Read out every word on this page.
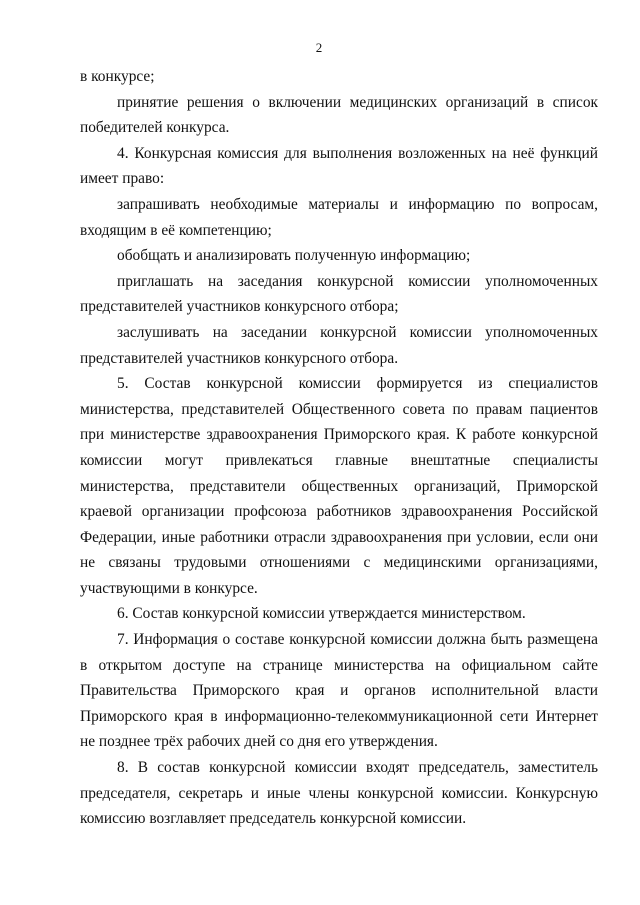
2

в конкурсе;

принятие решения о включении медицинских организаций в список победителей конкурса.

4. Конкурсная комиссия для выполнения возложенных на неё функций имеет право:

запрашивать необходимые материалы и информацию по вопросам, входящим в её компетенцию;

обобщать и анализировать полученную информацию;

приглашать на заседания конкурсной комиссии уполномоченных представителей участников конкурсного отбора;

заслушивать на заседании конкурсной комиссии уполномоченных представителей участников конкурсного отбора.

5. Состав конкурсной комиссии формируется из специалистов министерства, представителей Общественного совета по правам пациентов при министерстве здравоохранения Приморского края. К работе конкурсной комиссии могут привлекаться главные внештатные специалисты министерства, представители общественных организаций, Приморской краевой организации профсоюза работников здравоохранения Российской Федерации, иные работники отрасли здравоохранения при условии, если они не связаны трудовыми отношениями с медицинскими организациями, участвующими в конкурсе.

6. Состав конкурсной комиссии утверждается министерством.

7. Информация о составе конкурсной комиссии должна быть размещена в открытом доступе на странице министерства на официальном сайте Правительства Приморского края и органов исполнительной власти Приморского края в информационно-телекоммуникационной сети Интернет не позднее трёх рабочих дней со дня его утверждения.

8. В состав конкурсной комиссии входят председатель, заместитель председателя, секретарь и иные члены конкурсной комиссии. Конкурсную комиссию возглавляет председатель конкурсной комиссии.
